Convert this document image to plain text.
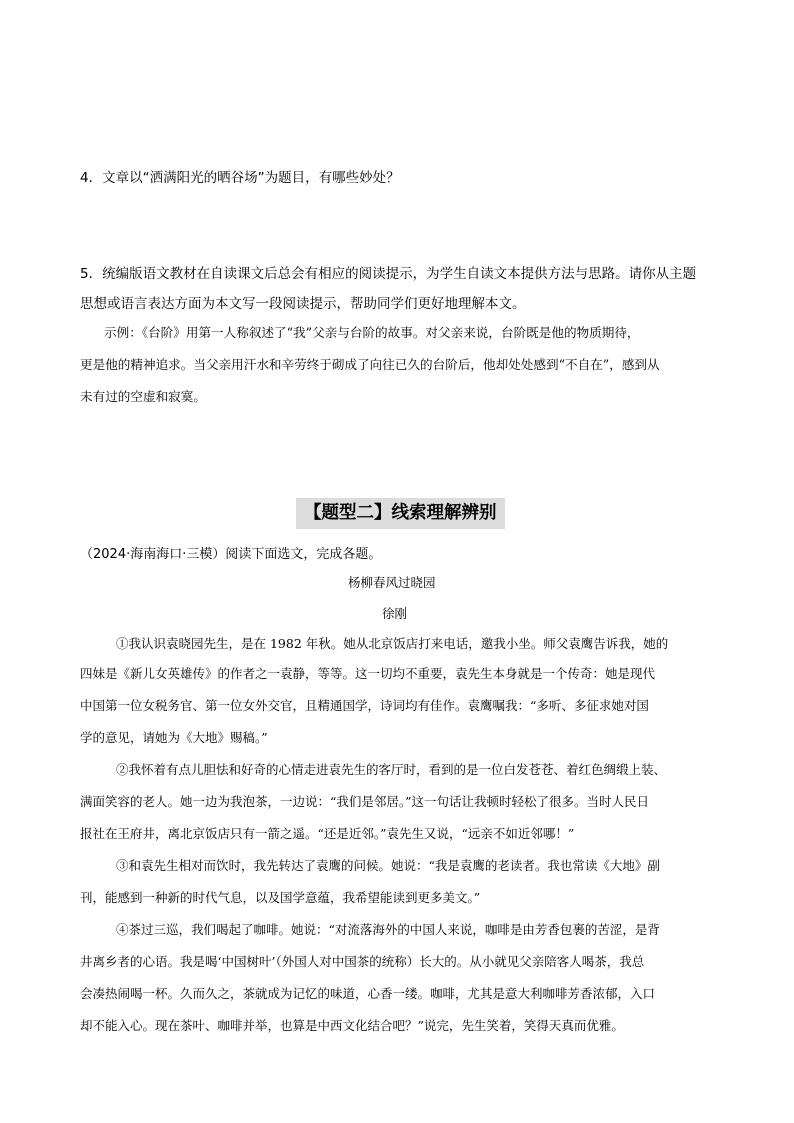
4．文章以“洒满阳光的晒谷场”为题目，有哪些妙处？
5．统编版语文教材在自读课文后总会有相应的阅读提示，为学生自读文本提供方法与思路。请你从主题
思想或语言表达方面为本文写一段阅读提示，帮助同学们更好地理解本文。
示例：《台阶》用第一人称叙述了“我”父亲与台阶的故事。对父亲来说，台阶既是他的物质期待，
更是他的精神追求。当父亲用汗水和辛劳终于砌成了向往已久的台阶后，他却处处感到“不自在”，感到从
未有过的空虚和寂寞。
【题型二】线索理解辨别
（2024·海南海口·三模）阅读下面选文，完成各题。
杨柳春风过晓园
徐刚
①我认识袁晓园先生，是在 1982 年秋。她从北京饭店打来电话，邀我小坐。师父袁鹰告诉我，她的
四妹是《新儿女英雄传》的作者之一袁静，等等。这一切均不重要，袁先生本身就是一个传奇：她是现代
中国第一位女税务官、第一位女外交官，且精通国学，诗词均有佳作。袁鹰嘱我：“多听、多征求她对国
学的意见，请她为《大地》赐稿。”
②我怀着有点儿胆怯和好奇的心情走进袁先生的客厅时，看到的是一位白发苍苍、着红色绸缎上装、
满面笑容的老人。她一边为我泡茶，一边说：“我们是邻居。”这一句话让我顿时轻松了很多。当时人民日
报社在王府井，离北京饭店只有一箭之遥。“还是近邻。”袁先生又说，“远亲不如近邻哪！”
③和袁先生相对而饮时，我先转达了袁鹰的问候。她说：“我是袁鹰的老读者。我也常读《大地》副
刊，能感到一种新的时代气息，以及国学意蕴，我希望能读到更多美文。”
④茶过三巡，我们喝起了咖啡。她说：“对流落海外的中国人来说，咖啡是由芳香包裹的苦涩，是背
井离乡者的心语。我是喝‘中国树叶’（外国人对中国茶的统称）长大的。从小就见父亲陪客人喝茶，我总
会凑热闹喝一杯。久而久之，茶就成为记忆的味道，心香一缕。咖啡，尤其是意大利咖啡芳香浓郁，入口
却不能入心。现在茶叶、咖啡并举，也算是中西文化结合吧？”说完，先生笑着，笑得天真而优雅。
